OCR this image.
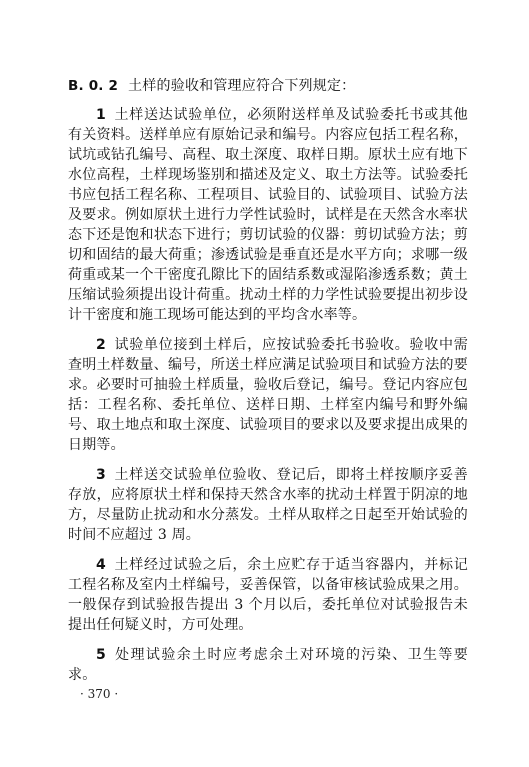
B. 0. 2 土样的验收和管理应符合下列规定：

1 土样送达试验单位，必须附送样单及试验委托书或其他有关资料。送样单应有原始记录和编号。内容应包括工程名称，试坑或钻孔编号、高程、取土深度、取样日期。原状土应有地下水位高程，土样现场鉴别和描述及定义、取土方法等。试验委托书应包括工程名称、工程项目、试验目的、试验项目、试验方法及要求。例如原状土进行力学性试验时，试样是在天然含水率状态下还是饱和状态下进行；剪切试验的仪器：剪切试验方法；剪切和固结的最大荷重；渗透试验是垂直还是水平方向；求哪一级荷重或某一个干密度孔隙比下的固结系数或湿陷渗透系数；黄土压缩试验须提出设计荷重。扰动土样的力学性试验要提出初步设计干密度和施工现场可能达到的平均含水率等。

2 试验单位接到土样后，应按试验委托书验收。验收中需查明土样数量、编号，所送土样应满足试验项目和试验方法的要求。必要时可抽验土样质量，验收后登记，编号。登记内容应包括：工程名称、委托单位、送样日期、土样室内编号和野外编号、取土地点和取土深度、试验项目的要求以及要求提出成果的日期等。

3 土样送交试验单位验收、登记后，即将土样按顺序妥善存放，应将原状土样和保持天然含水率的扰动土样置于阴凉的地方，尽量防止扰动和水分蒸发。土样从取样之日起至开始试验的时间不应超过 3 周。

4 土样经过试验之后，余土应贮存于适当容器内，并标记工程名称及室内土样编号，妥善保管，以备审核试验成果之用。一般保存到试验报告提出 3 个月以后，委托单位对试验报告未提出任何疑义时，方可处理。

5 处理试验余土时应考虑余土对环境的污染、卫生等要求。

· 370 ·
